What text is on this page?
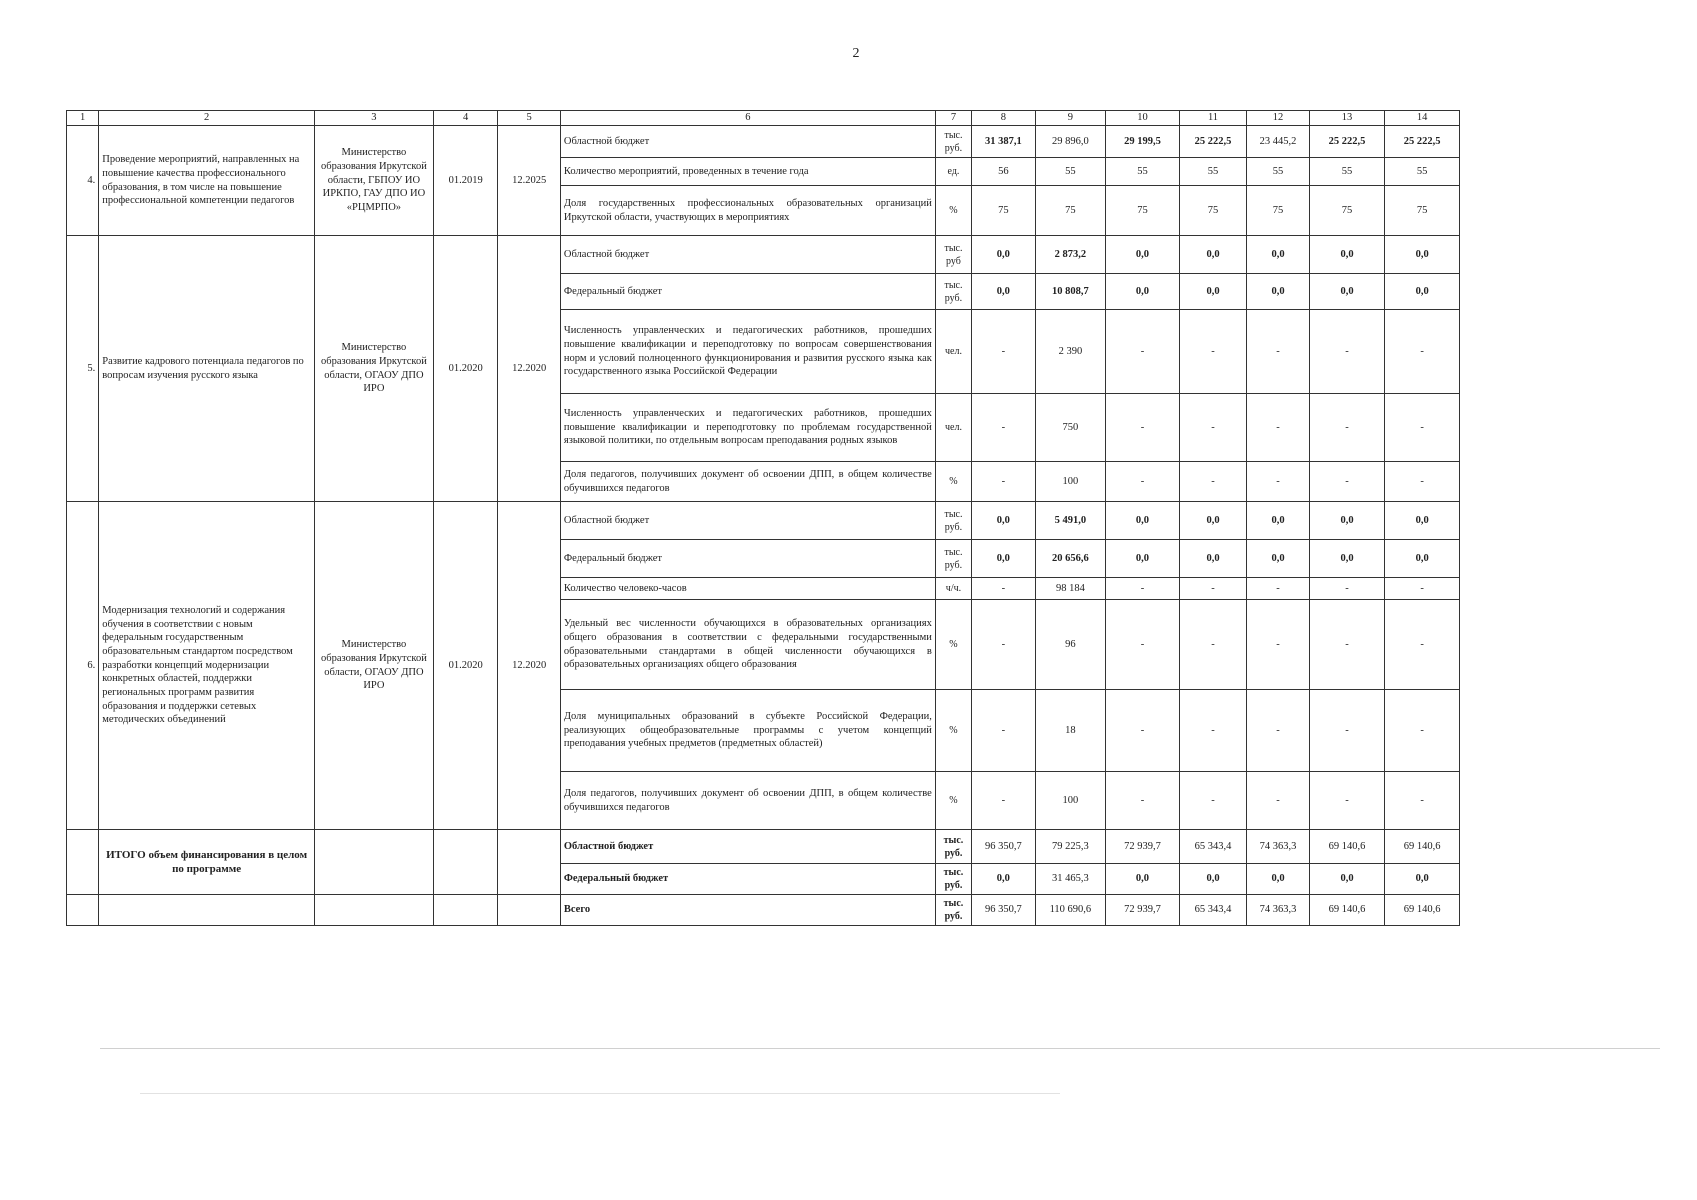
2
1	2	3	4	5	6	7	8	9	10	11	12	13	14
4.	Проведение мероприятий, направленных на повышение качества профессионального образования, в том числе на повышение профессиональной компетенции педагогов	Министерство образования Иркутской области, ГБПОУ ИО ИРКПО, ГАУ ДПО ИО «РЦМРПО»	01.2019	12.2025	Областной бюджет	тыс. руб.	31 387,1	29 896,0	29 199,5	25 222,5	23 445,2	25 222,5	25 222,5
					Количество мероприятий, проведенных в течение года	ед.	56	55	55	55	55	55	55
					Доля государственных профессиональных образовательных организаций Иркутской области, участвующих в мероприятиях	%	75	75	75	75	75	75	75
5.	Развитие кадрового потенциала педагогов по вопросам изучения русского языка	Министерство образования Иркутской области, ОГАОУ ДПО ИРО	01.2020	12.2020	Областной бюджет	тыс. руб	0,0	2 873,2	0,0	0,0	0,0	0,0	0,0
					Федеральный бюджет	тыс. руб.	0,0	10 808,7	0,0	0,0	0,0	0,0	0,0
					Численность управленческих и педагогических работников, прошедших повышение квалификации и переподготовку по вопросам совершенствования норм и условий полноценного функционирования и развития русского языка как государственного языка Российской Федерации	чел.	-	2 390	-	-	-	-	-
					Численность управленческих и педагогических работников, прошедших повышение квалификации и переподготовку по проблемам государственной языковой политики, по отдельным вопросам преподавания родных языков	чел.	-	750	-	-	-	-	-
					Доля педагогов, получивших документ об освоении ДПП, в общем количестве обучившихся педагогов	%	-	100	-	-	-	-	-
6.	Модернизация технологий и содержания обучения в соответствии с новым федеральным государственным образовательным стандартом посредством разработки концепций модернизации конкретных областей, поддержки региональных программ развития образования и поддержки сетевых методических объединений	Министерство образования Иркутской области, ОГАОУ ДПО ИРО	01.2020	12.2020	Областной бюджет	тыс. руб.	0,0	5 491,0	0,0	0,0	0,0	0,0	0,0
					Федеральный бюджет	тыс. руб.	0,0	20 656,6	0,0	0,0	0,0	0,0	0,0
					Количество человеко-часов	ч/ч.	-	98 184	-	-	-	-	-
					Удельный вес численности обучающихся в образовательных организациях общего образования в соответствии с федеральными государственными образовательными стандартами в общей численности обучающихся в образовательных организациях общего образования	%	-	96	-	-	-	-	-
					Доля муниципальных образований в субъекте Российской Федерации, реализующих общеобразовательные программы с учетом концепций преподавания учебных предметов (предметных областей)	%	-	18	-	-	-	-	-
					Доля педагогов, получивших документ об освоении ДПП, в общем количестве обучившихся педагогов	%	-	100	-	-	-	-	-
	ИТОГО объем финансирования в целом по программе				Областной бюджет	тыс. руб.	96 350,7	79 225,3	72 939,7	65 343,4	74 363,3	69 140,6	69 140,6
					Федеральный бюджет	тыс. руб.	0,0	31 465,3	0,0	0,0	0,0	0,0	0,0
					Всего	тыс. руб.	96 350,7	110 690,6	72 939,7	65 343,4	74 363,3	69 140,6	69 140,6
